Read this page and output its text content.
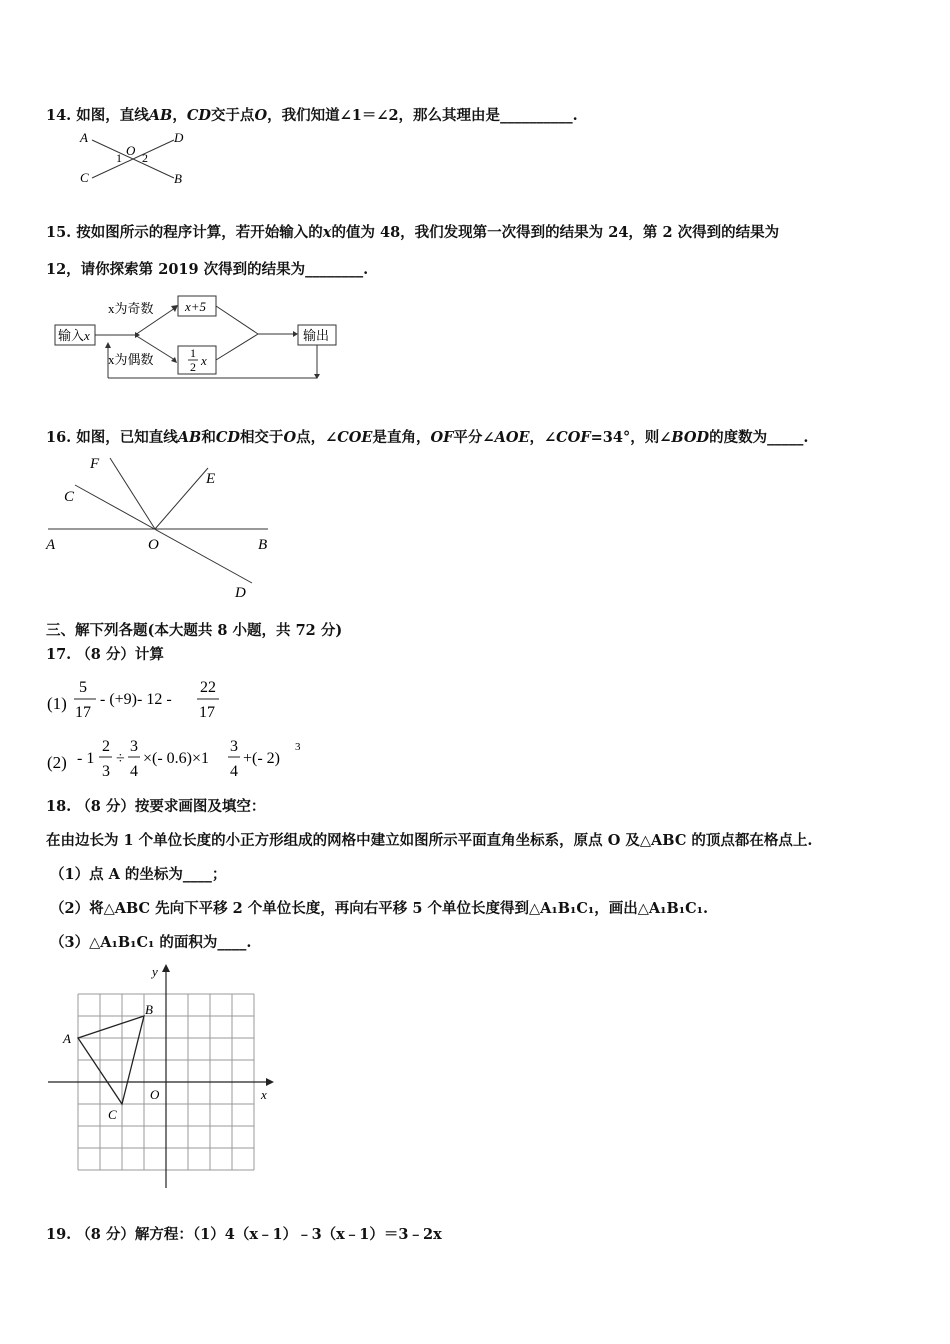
14. 如图，直线AB，CD交于点O，我们知道∠1＝∠2，那么其理由是__________.
A	D
C	B
O
1 2
15. 按如图所示的程序计算，若开始输入的x的值为 48，我们发现第一次得到的结果为 24，第 2 次得到的结果为
12，请你探索第 2019 次得到的结果为________.
输入x
x为奇数
x为偶数
x+5
1
2 x
输出
16. 如图，已知直线AB和CD相交于O点，∠COE是直角，OF平分∠AOE，∠COF=34°，则∠BOD的度数为_____.
A	B
C
D
E
F
O
三、解下列各题(本大题共 8 小题，共 72 分)
17. （8 分）计算
(1)
5
17
- (+9)- 12 -
22
17
(2) - 1
2
3
÷
3
4
×(- 0.6)×1
3
4
+(- 2)
3
18. （8 分）按要求画图及填空：
在由边长为 1 个单位长度的小正方形组成的网格中建立如图所示平面直角坐标系，原点 O 及△ABC 的顶点都在格点上.
（1）点 A 的坐标为____；
（2）将△ABC 先向下平移 2 个单位长度，再向右平移 5 个单位长度得到△A₁B₁C₁，画出△A₁B₁C₁.
（3）△A₁B₁C₁ 的面积为____.
y
x
A
B
C
O
19. （8 分）解方程：（1）4（x﹣1）﹣3（x﹣1）＝3﹣2x
